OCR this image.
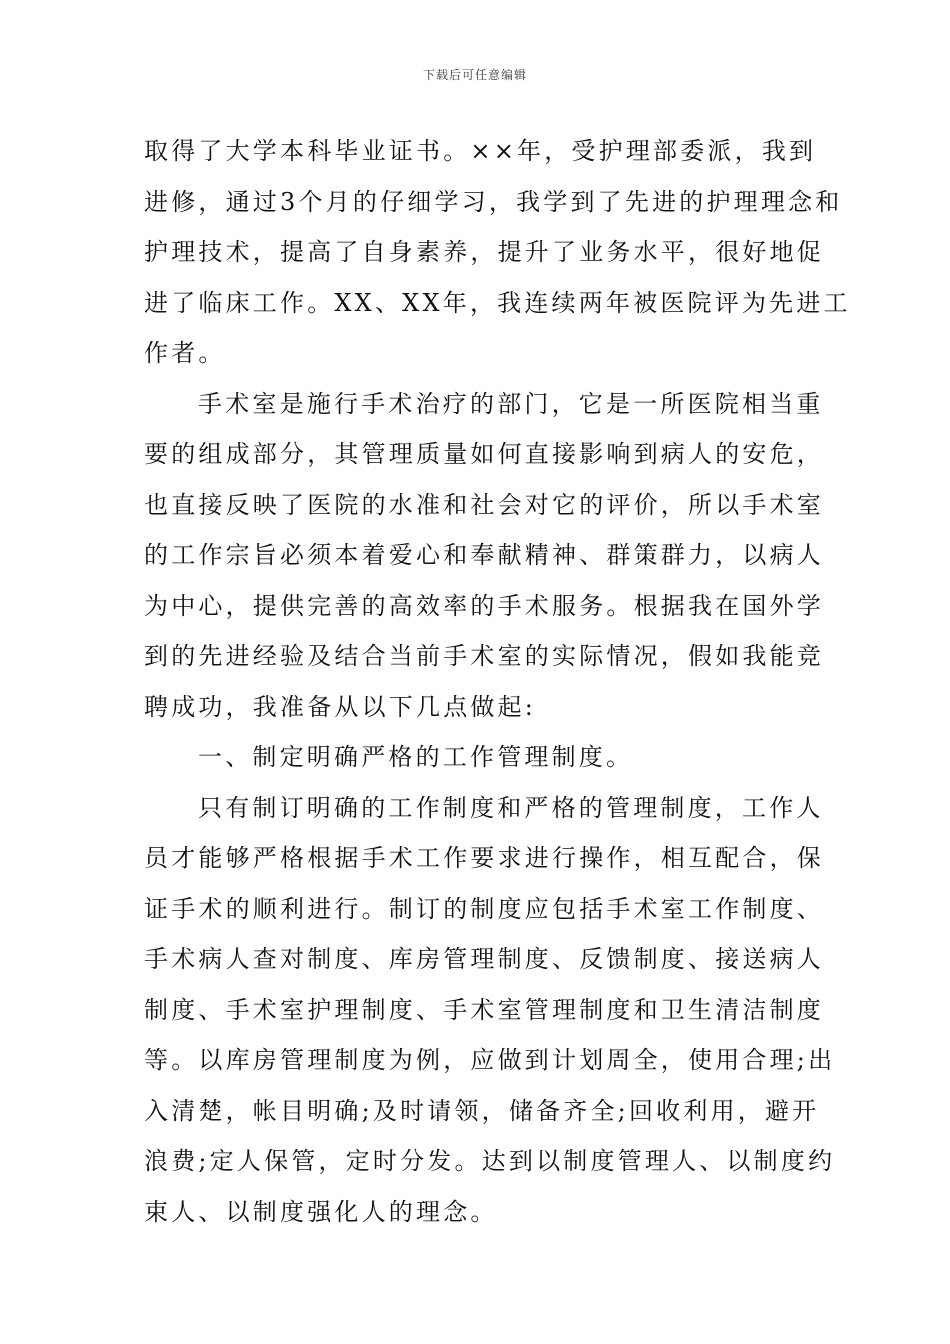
下载后可任意编辑
取得了大学本科毕业证书。××年，受护理部委派，我到
进修，通过3个月的仔细学习，我学到了先进的护理理念和
护理技术，提高了自身素养，提升了业务水平，很好地促
进了临床工作。XX、XX年，我连续两年被医院评为先进工
作者。
手术室是施行手术治疗的部门，它是一所医院相当重
要的组成部分，其管理质量如何直接影响到病人的安危，
也直接反映了医院的水准和社会对它的评价，所以手术室
的工作宗旨必须本着爱心和奉献精神、群策群力，以病人
为中心，提供完善的高效率的手术服务。根据我在国外学
到的先进经验及结合当前手术室的实际情况，假如我能竞
聘成功，我准备从以下几点做起:
一、制定明确严格的工作管理制度。
只有制订明确的工作制度和严格的管理制度，工作人
员才能够严格根据手术工作要求进行操作，相互配合，保
证手术的顺利进行。制订的制度应包括手术室工作制度、
手术病人查对制度、库房管理制度、反馈制度、接送病人
制度、手术室护理制度、手术室管理制度和卫生清洁制度
等。以库房管理制度为例，应做到计划周全，使用合理;出
入清楚，帐目明确;及时请领，储备齐全;回收利用，避开
浪费;定人保管，定时分发。达到以制度管理人、以制度约
束人、以制度强化人的理念。
